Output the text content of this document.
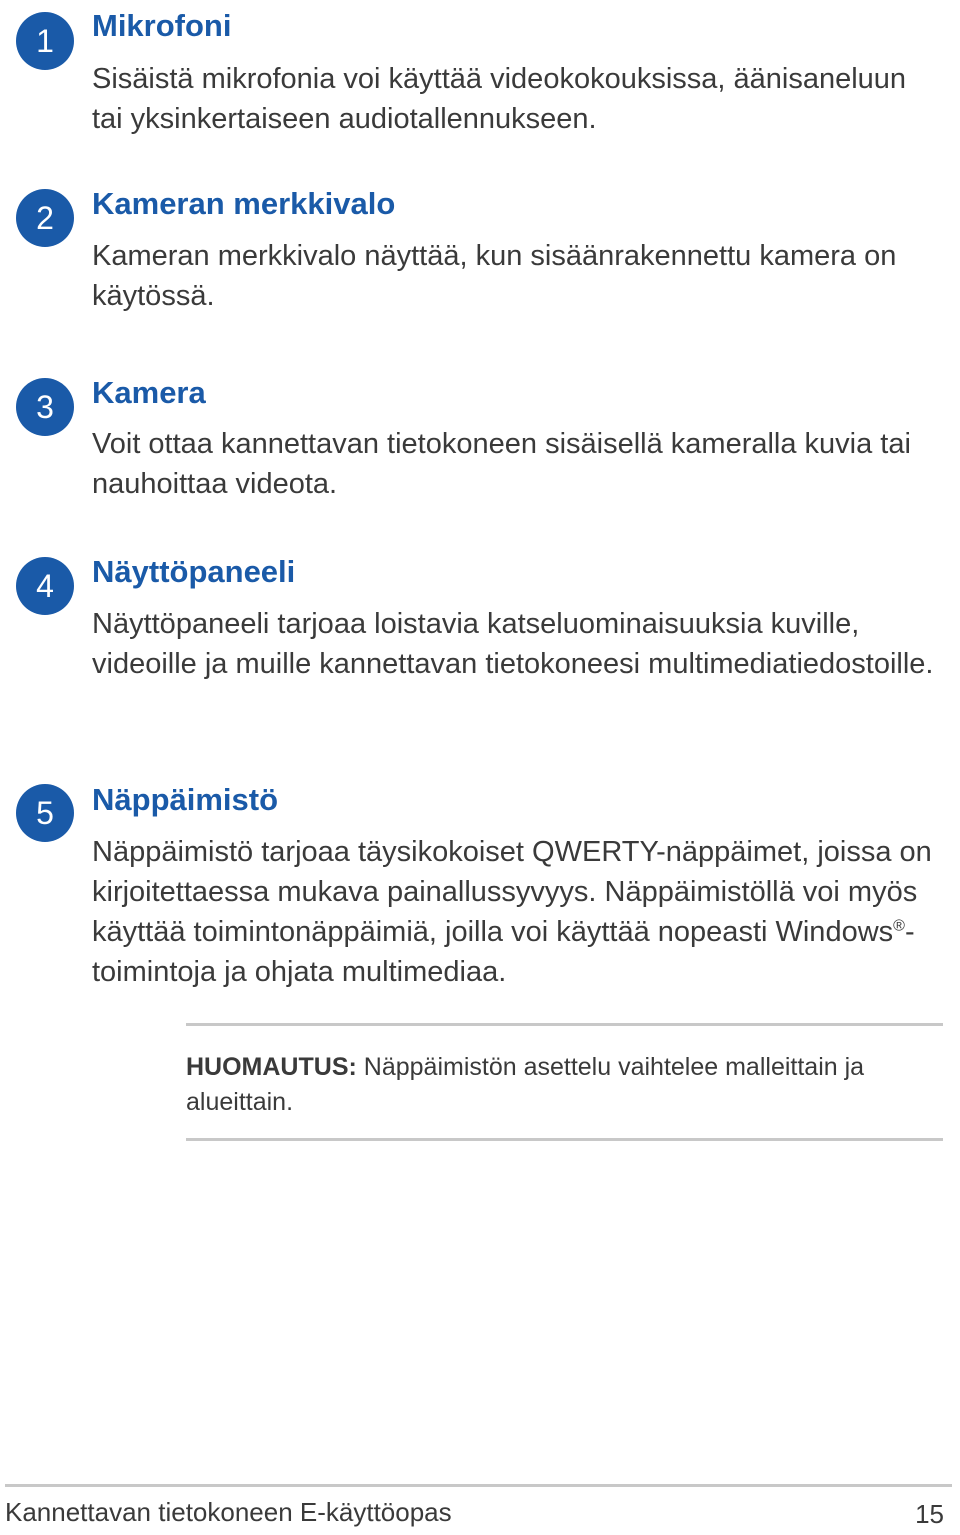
1	Mikrofoni

Sisäistä mikrofonia voi käyttää videokokouksissa, äänisaneluun tai yksinkertaiseen audiotallennukseen.

2	Kameran merkkivalo

Kameran merkkivalo näyttää, kun sisäänrakennettu kamera on käytössä.

3	Kamera

Voit ottaa kannettavan tietokoneen sisäisellä kameralla kuvia tai nauhoittaa videota.

4	Näyttöpaneeli

Näyttöpaneeli tarjoaa loistavia katseluominaisuuksia kuville, videoille ja muille kannettavan tietokoneesi multimediatiedostoille.

5	Näppäimistö

Näppäimistö tarjoaa täysikokoiset QWERTY-näppäimet, joissa on kirjoitettaessa mukava painallussyvyys. Näppäimistöllä voi myös käyttää toimintonäppäimiä, joilla voi käyttää nopeasti Windows®-toimintoja ja ohjata multimediaa.

HUOMAUTUS: Näppäimistön asettelu vaihtelee malleittain ja alueittain.

Kannettavan tietokoneen E-käyttöopas	15
